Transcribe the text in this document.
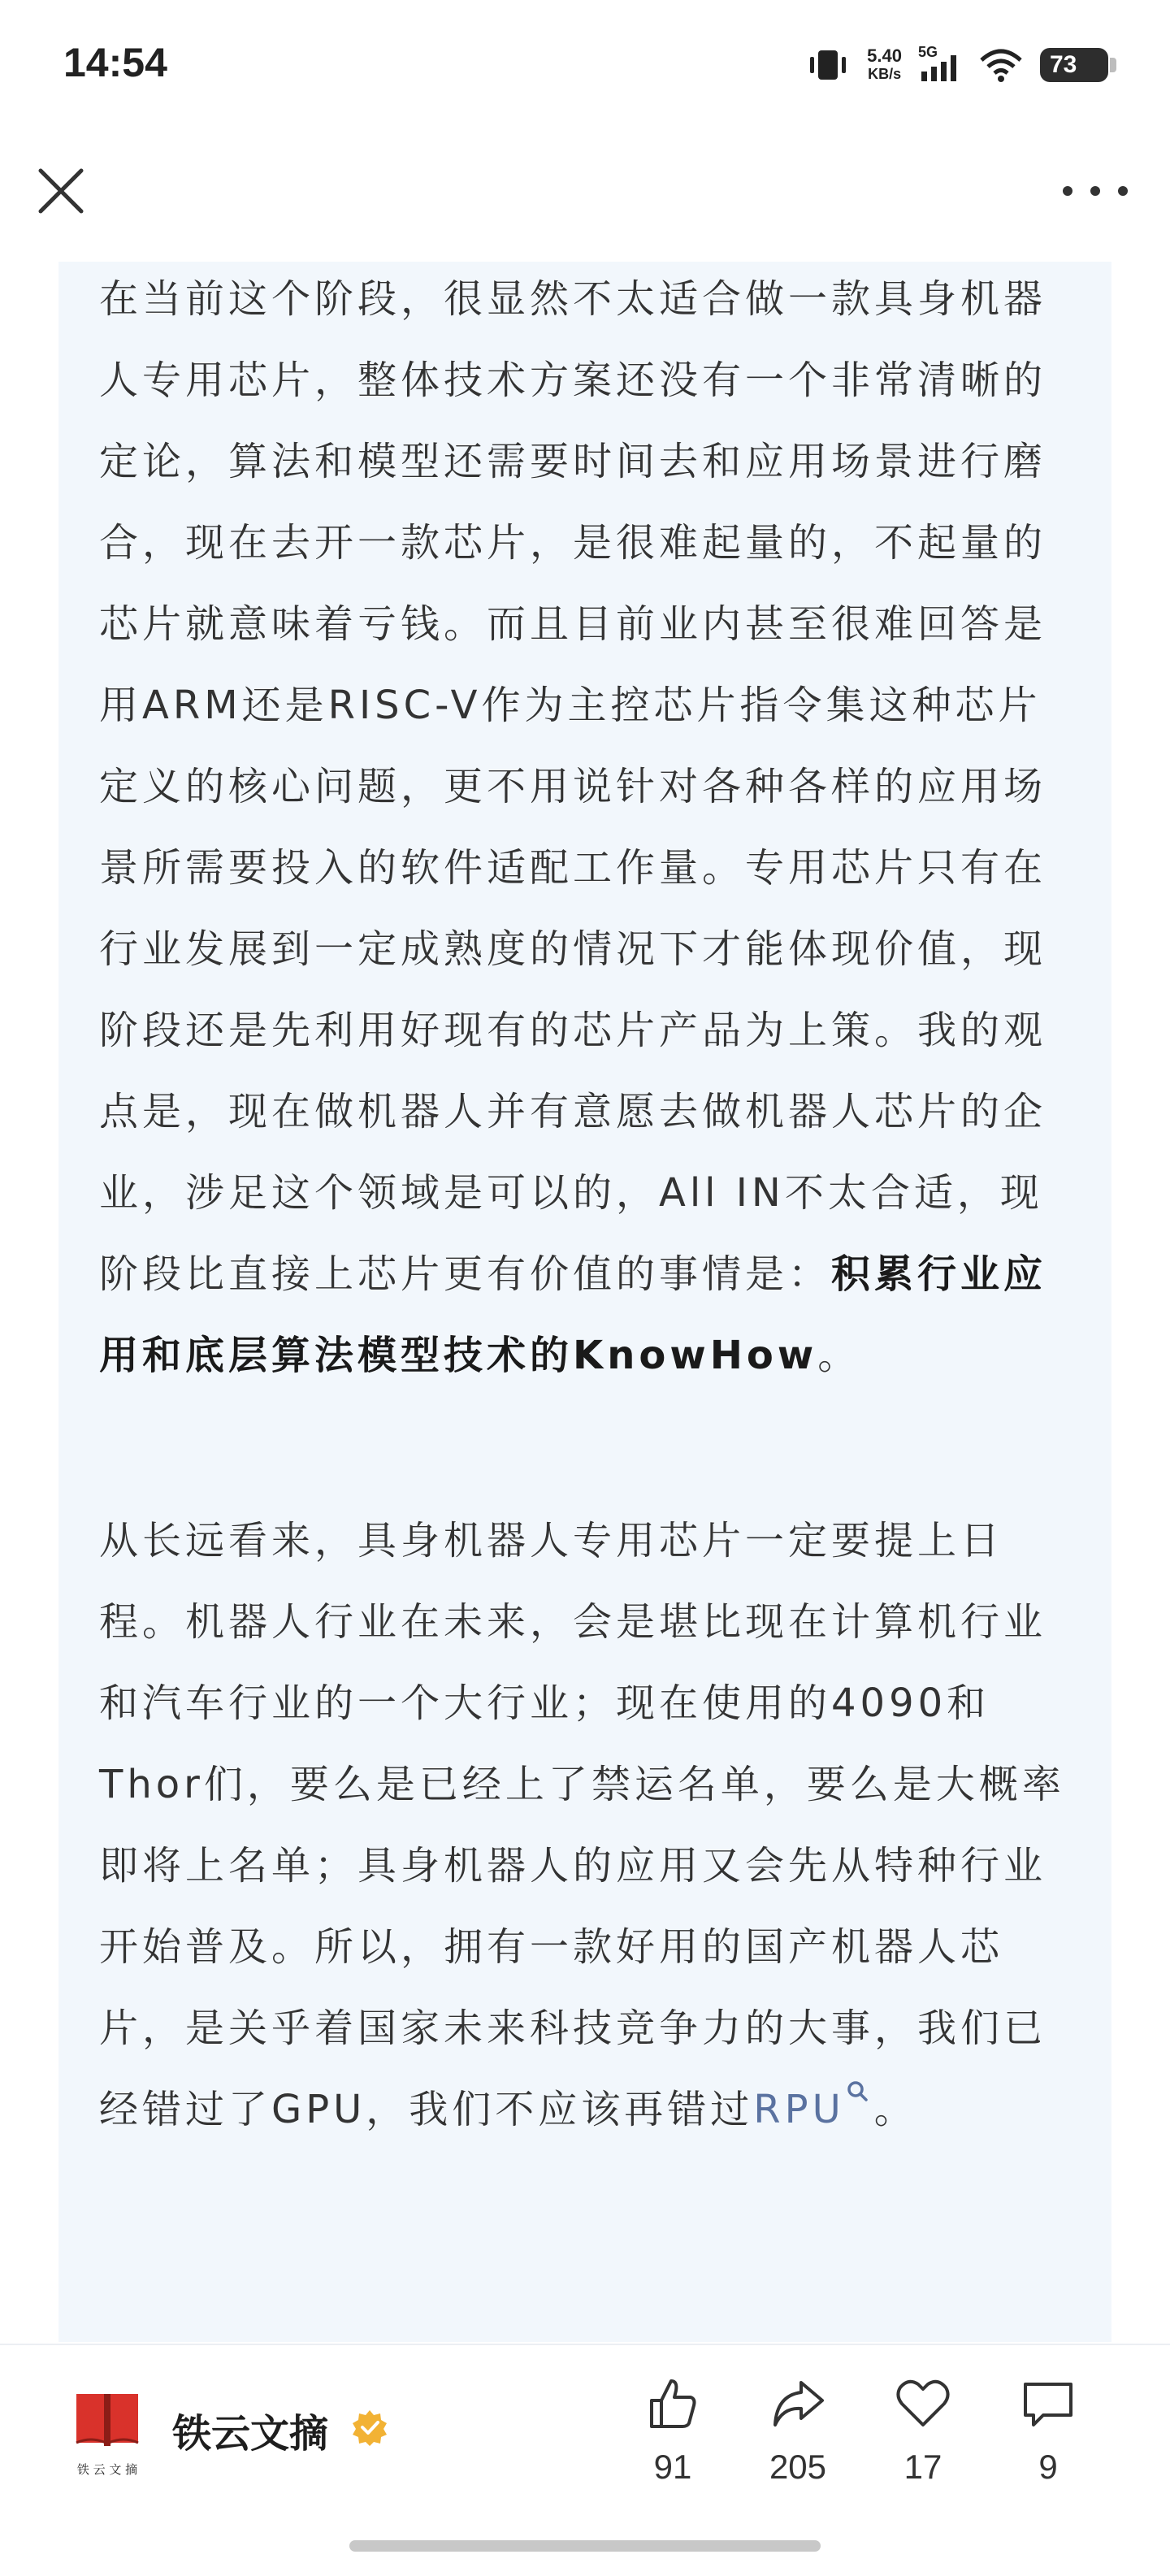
14:54	5.40
KB/s
5G	73

在当前这个阶段，很显然不太适合做一款具身机器人专用芯片，整体技术方案还没有一个非常清晰的定论，算法和模型还需要时间去和应用场景进行磨合，现在去开一款芯片，是很难起量的，不起量的芯片就意味着亏钱。而且目前业内甚至很难回答是用ARM还是RISC-V作为主控芯片指令集这种芯片定义的核心问题，更不用说针对各种各样的应用场景所需要投入的软件适配工作量。专用芯片只有在行业发展到一定成熟度的情况下才能体现价值，现阶段还是先利用好现有的芯片产品为上策。我的观点是，现在做机器人并有意愿去做机器人芯片的企业，涉足这个领域是可以的，All IN不太合适，现阶段比直接上芯片更有价值的事情是：积累行业应用和底层算法模型技术的KnowHow。

从长远看来，具身机器人专用芯片一定要提上日程。机器人行业在未来，会是堪比现在计算机行业和汽车行业的一个大行业；现在使用的4090和Thor们，要么是已经上了禁运名单，要么是大概率即将上名单；具身机器人的应用又会先从特种行业开始普及。所以，拥有一款好用的国产机器人芯片，是关乎着国家未来科技竞争力的大事，我们已经错过了GPU，我们不应该再错过RPU 。

铁 云 文 摘
铁云文摘
91	205	17	9
